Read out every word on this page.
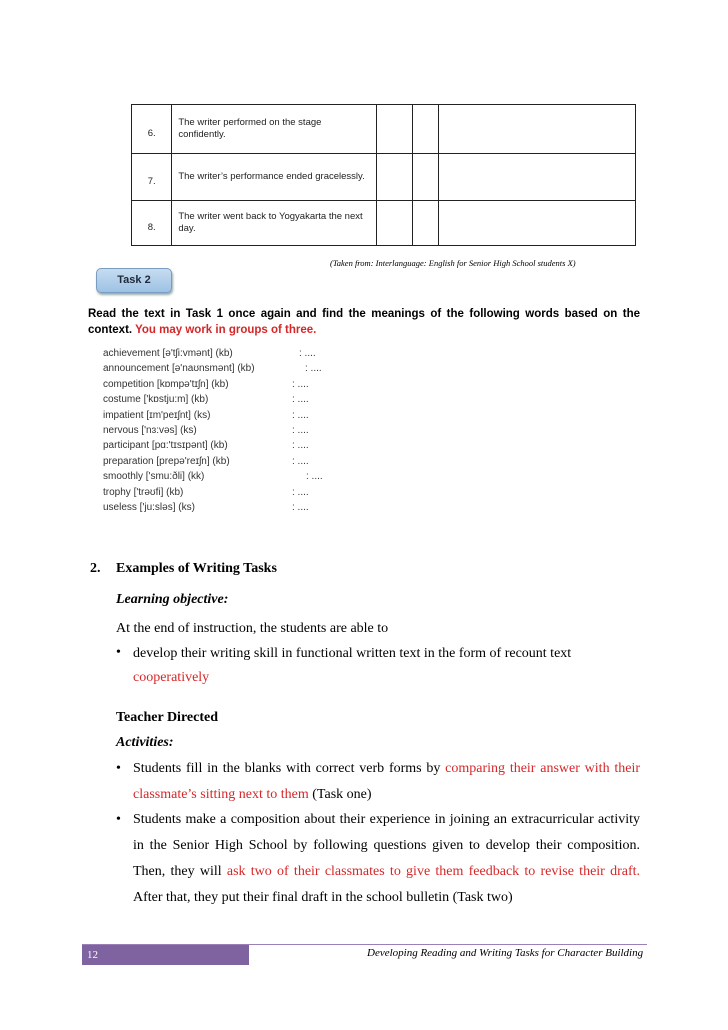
6.	The writer performed on the stage confidently.			
7.	The writer’s performance ended gracelessly.			
8.	The writer went back to Yogyakarta the next day.			
(Taken from: Interlanguage: English for Senior High School students X)
Task 2
Read the text in Task 1 once again and find the meanings of the following words based on the context. You may work in groups of three.
achievement [ə'tʃi:vmənt] (kb)	: ....
announcement [ə'naʊnsmənt] (kb)	: ....
competition [kɒmpə'tɪʃn] (kb)	: ....
costume ['kɒstju:m] (kb)	: ....
impatient [ɪm'peɪʃnt] (ks)	: ....
nervous ['nɜ:vəs] (ks)	: ....
participant [pɑ:'tɪsɪpənt] (kb)	: ....
preparation [prepə'reɪʃn] (kb)	: ....
smoothly ['smu:ðli] (kk)	: ....
trophy ['trəʊfi] (kb)	: ....
useless ['ju:sləs] (ks)	: ....
2. Examples of Writing Tasks
Learning objective:
At the end of instruction, the students are able to
• develop their writing skill in functional written text in the form of recount text
cooperatively
Teacher Directed
Activities:
• Students fill in the blanks with correct verb forms by comparing their answer with their classmate’s sitting next to them (Task one)
• Students make a composition about their experience in joining an extracurricular activity in the Senior High School by following questions given to develop their composition. Then, they will ask two of their classmates to give them feedback to revise their draft. After that, they put their final draft in the school bulletin (Task two)
12	Developing Reading and Writing Tasks for Character Building
